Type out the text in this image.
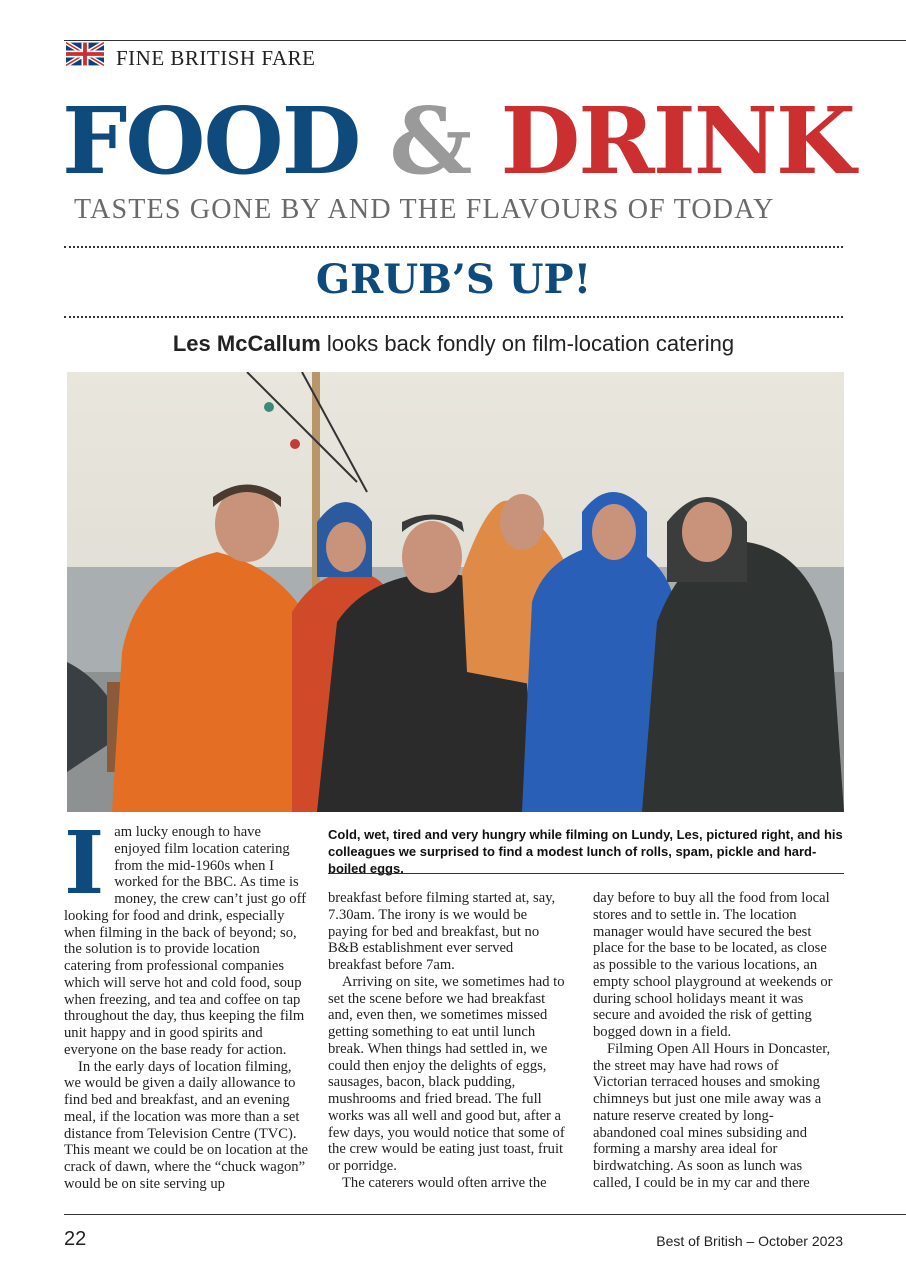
FINE BRITISH FARE
FOOD & DRINK
TASTES GONE BY AND THE FLAVOURS OF TODAY
GRUB’S UP!
Les McCallum looks back fondly on film-location catering
Cold, wet, tired and very hungry while filming on Lundy, Les, pictured right, and his colleagues we surprised to find a modest lunch of rolls, spam, pickle and hard-boiled eggs.
I am lucky enough to have enjoyed film location catering from the mid-1960s when I worked for the BBC. As time is money, the crew can’t just go off looking for food and drink, especially when filming in the back of beyond; so, the solution is to provide location catering from professional companies which will serve hot and cold food, soup when freezing, and tea and coffee on tap throughout the day, thus keeping the film unit happy and in good spirits and everyone on the base ready for action.

In the early days of location filming, we would be given a daily allowance to find bed and breakfast, and an evening meal, if the location was more than a set distance from Television Centre (TVC). This meant we could be on location at the crack of dawn, where the “chuck wagon” would be on site serving up

breakfast before filming started at, say, 7.30am. The irony is we would be paying for bed and breakfast, but no B&B establishment ever served breakfast before 7am.

Arriving on site, we sometimes had to set the scene before we had breakfast and, even then, we sometimes missed getting something to eat until lunch break. When things had settled in, we could then enjoy the delights of eggs, sausages, bacon, black pudding, mushrooms and fried bread. The full works was all well and good but, after a few days, you would notice that some of the crew would be eating just toast, fruit or porridge.

The caterers would often arrive the

day before to buy all the food from local stores and to settle in. The location manager would have secured the best place for the base to be located, as close as possible to the various locations, an empty school playground at weekends or during school holidays meant it was secure and avoided the risk of getting bogged down in a field.

Filming Open All Hours in Doncaster, the street may have had rows of Victorian terraced houses and smoking chimneys but just one mile away was a nature reserve created by long-abandoned coal mines subsiding and forming a marshy area ideal for birdwatching. As soon as lunch was called, I could be in my car and there

22	Best of British – October 2023
